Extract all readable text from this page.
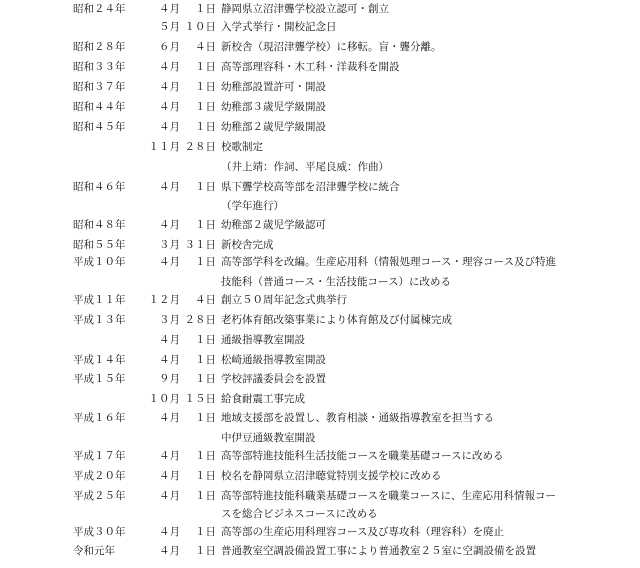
昭和２４年	４月	１日 静岡県立沼津聾学校設立認可・創立
５月 １０日 入学式挙行・開校記念日
昭和２８年	６月	４日 新校舎（現沼津聾学校）に移転。盲・聾分離。
昭和３３年	４月	１日 高等部理容科・木工科・洋裁科を開設
昭和３７年	４月	１日 幼稚部設置許可・開設
昭和４４年	４月	１日 幼稚部３歳児学級開設
昭和４５年	４月	１日 幼稚部２歳児学級開設
１１月 ２８日 校歌制定
（井上靖：作詞、平尾良威：作曲）
昭和４６年	４月	１日 県下聾学校高等部を沼津聾学校に統合
（学年進行）
昭和４８年	４月	１日 幼稚部２歳児学級認可
昭和５５年	３月 ３１日 新校舎完成
平成１０年	４月	１日 高等部学科を改編。生産応用科（情報処理コース・理容コース及び特進
技能科（普通コース・生活技能コース）に改める
平成１１年 １２月	４日 創立５０周年記念式典挙行
平成１３年	３月 ２８日 老朽体育館改築事業により体育館及び付属棟完成
４月	１日 通級指導教室開設
平成１４年	４月	１日 松崎通級指導教室開設
平成１５年	９月	１日 学校評議委員会を設置
１０月 １５日 給食耐震工事完成
平成１６年	４月	１日 地域支援部を設置し、教育相談・通級指導教室を担当する
中伊豆通級教室開設
平成１７年	４月	１日 高等部特進技能科生活技能コースを職業基礎コースに改める
平成２０年	４月	１日 校名を静岡県立沼津聴覚特別支援学校に改める
平成２５年	４月	１日 高等部特進技能科職業基礎コースを職業コースに、生産応用科情報コー
スを総合ビジネスコースに改める
平成３０年	４月	１日 高等部の生産応用科理容コース及び専攻科（理容科）を廃止
令和元年	４月	１日 普通教室空調設備設置工事により普通教室２５室に空調設備を設置
